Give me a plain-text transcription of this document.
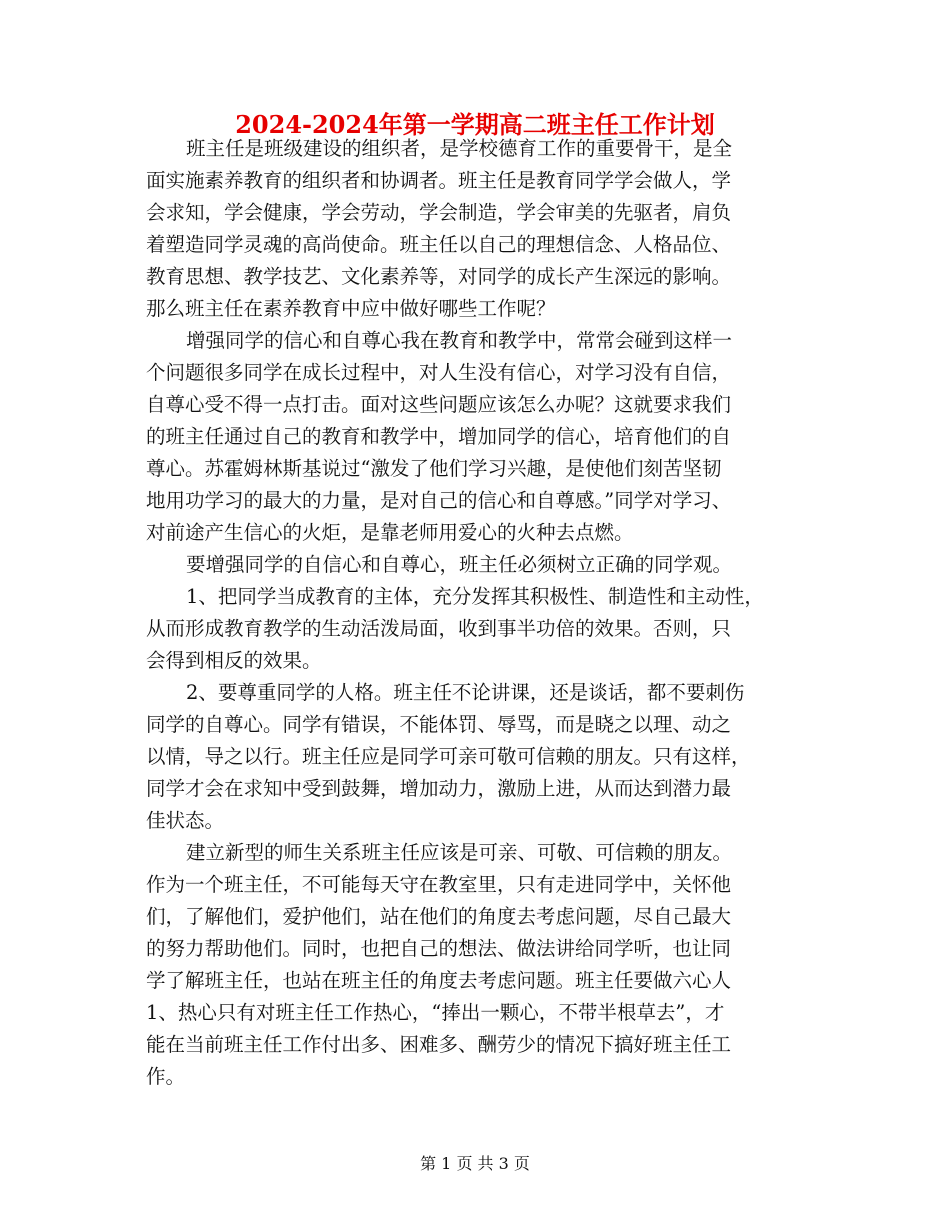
2024-2024年第一学期高二班主任工作计划
班主任是班级建设的组织者，是学校德育工作的重要骨干，是全
面实施素养教育的组织者和协调者。班主任是教育同学学会做人，学
会求知，学会健康，学会劳动，学会制造，学会审美的先驱者，肩负
着塑造同学灵魂的高尚使命。班主任以自己的理想信念、人格品位、
教育思想、教学技艺、文化素养等，对同学的成长产生深远的影响。
那么班主任在素养教育中应中做好哪些工作呢？
增强同学的信心和自尊心我在教育和教学中，常常会碰到这样一
个问题很多同学在成长过程中，对人生没有信心，对学习没有自信，
自尊心受不得一点打击。面对这些问题应该怎么办呢？这就要求我们
的班主任通过自己的教育和教学中，增加同学的信心，培育他们的自
尊心。苏霍姆林斯基说过“激发了他们学习兴趣，是使他们刻苦坚韧
地用功学习的最大的力量，是对自己的信心和自尊感。”同学对学习、
对前途产生信心的火炬，是靠老师用爱心的火种去点燃。
要增强同学的自信心和自尊心，班主任必须树立正确的同学观。
1、把同学当成教育的主体，充分发挥其积极性、制造性和主动性，
从而形成教育教学的生动活泼局面，收到事半功倍的效果。否则，只
会得到相反的效果。
2、要尊重同学的人格。班主任不论讲课，还是谈话，都不要刺伤
同学的自尊心。同学有错误，不能体罚、辱骂，而是晓之以理、动之
以情，导之以行。班主任应是同学可亲可敬可信赖的朋友。只有这样，
同学才会在求知中受到鼓舞，增加动力，激励上进，从而达到潜力最
佳状态。
建立新型的师生关系班主任应该是可亲、可敬、可信赖的朋友。
作为一个班主任，不可能每天守在教室里，只有走进同学中，关怀他
们，了解他们，爱护他们，站在他们的角度去考虑问题，尽自己最大
的努力帮助他们。同时，也把自己的想法、做法讲给同学听，也让同
学了解班主任，也站在班主任的角度去考虑问题。班主任要做六心人
1、热心只有对班主任工作热心，“捧出一颗心，不带半根草去”，才
能在当前班主任工作付出多、困难多、酬劳少的情况下搞好班主任工
作。
第 1 页 共 3 页
